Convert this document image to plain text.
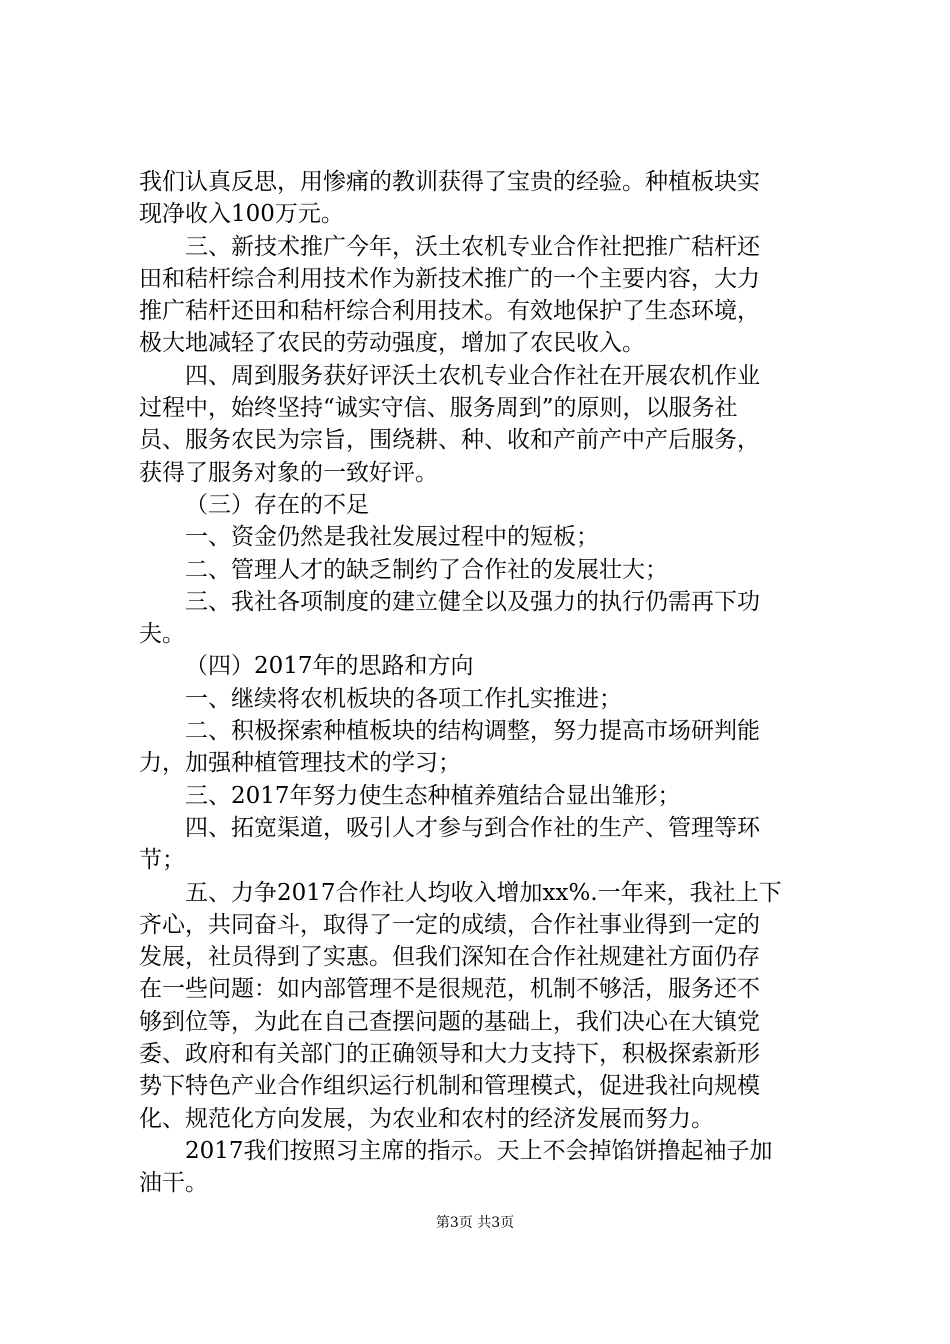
我们认真反思，用惨痛的教训获得了宝贵的经验。种植板块实
现净收入100万元。
三、新技术推广今年，沃土农机专业合作社把推广秸杆还
田和秸杆综合利用技术作为新技术推广的一个主要内容，大力
推广秸杆还田和秸杆综合利用技术。有效地保护了生态环境，
极大地减轻了农民的劳动强度，增加了农民收入。
四、周到服务获好评沃土农机专业合作社在开展农机作业
过程中，始终坚持“诚实守信、服务周到”的原则，以服务社
员、服务农民为宗旨，围绕耕、种、收和产前产中产后服务，
获得了服务对象的一致好评。
（三）存在的不足
一、资金仍然是我社发展过程中的短板；
二、管理人才的缺乏制约了合作社的发展壮大；
三、我社各项制度的建立健全以及强力的执行仍需再下功
夫。
（四）2017年的思路和方向
一、继续将农机板块的各项工作扎实推进；
二、积极探索种植板块的结构调整，努力提高市场研判能
力，加强种植管理技术的学习；
三、2017年努力使生态种植养殖结合显出雏形；
四、拓宽渠道，吸引人才参与到合作社的生产、管理等环
节；
五、力争2017合作社人均收入增加xx%.一年来，我社上下
齐心，共同奋斗，取得了一定的成绩，合作社事业得到一定的
发展，社员得到了实惠。但我们深知在合作社规建社方面仍存
在一些问题：如内部管理不是很规范，机制不够活，服务还不
够到位等，为此在自己查摆问题的基础上，我们决心在大镇党
委、政府和有关部门的正确领导和大力支持下，积极探索新形
势下特色产业合作组织运行机制和管理模式，促进我社向规模
化、规范化方向发展，为农业和农村的经济发展而努力。
2017我们按照习主席的指示。天上不会掉馅饼撸起袖子加
油干。
第3页 共3页
